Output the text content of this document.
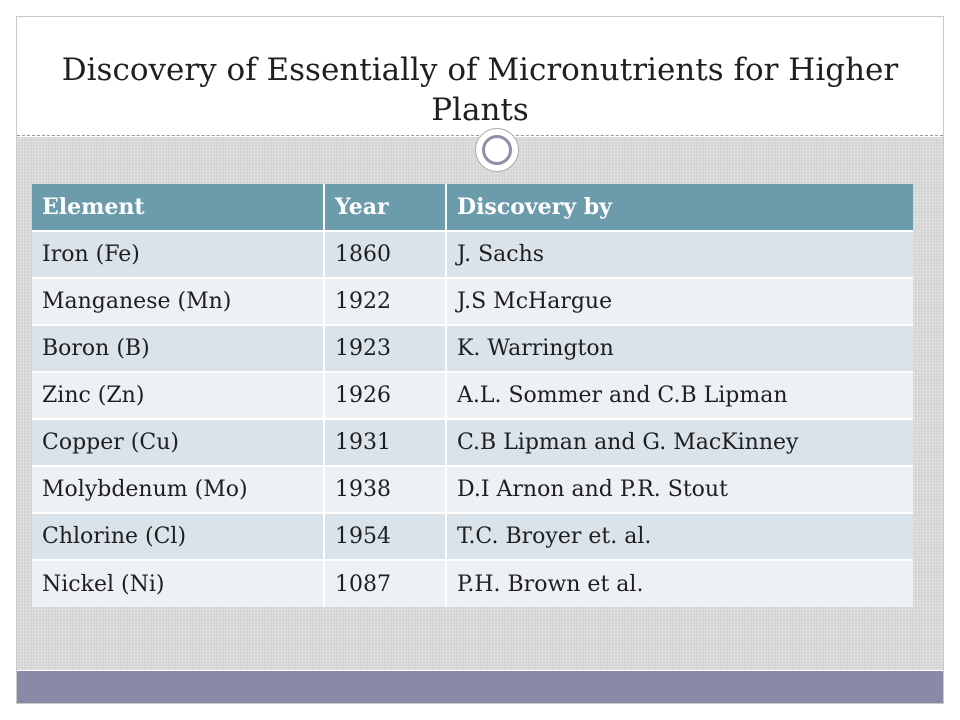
Discovery of Essentially of Micronutrients for Higher Plants
Element	Year	Discovery by
Iron (Fe)	1860	J. Sachs
Manganese (Mn)	1922	J.S McHargue
Boron (B)	1923	K. Warrington
Zinc (Zn)	1926	A.L. Sommer and C.B Lipman
Copper (Cu)	1931	C.B Lipman and G. MacKinney
Molybdenum (Mo)	1938	D.I Arnon and P.R. Stout
Chlorine (Cl)	1954	T.C. Broyer et. al.
Nickel (Ni)	1087	P.H. Brown et al.
